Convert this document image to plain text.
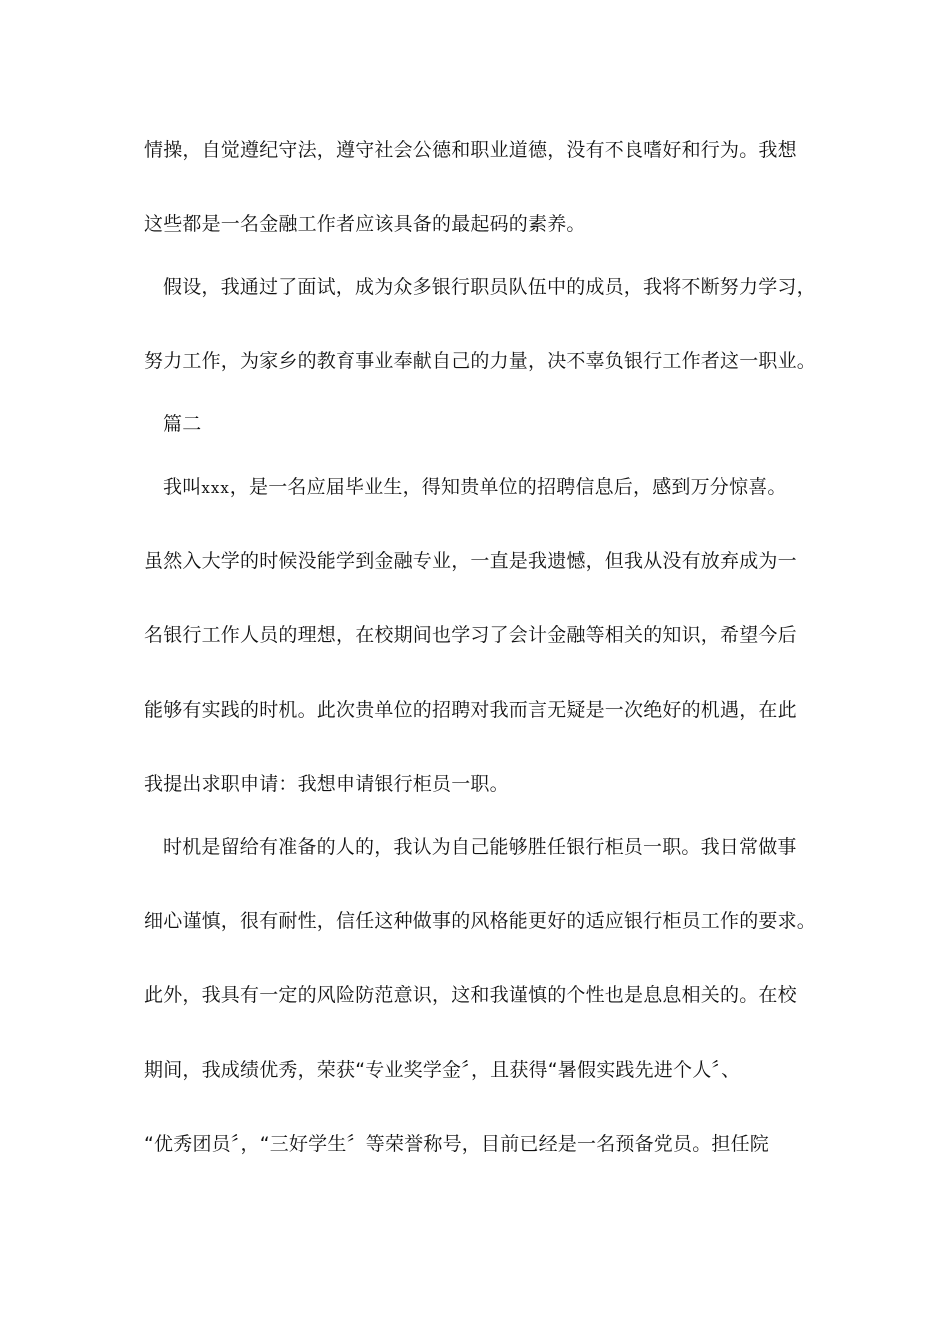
情操，自觉遵纪守法，遵守社会公德和职业道德，没有不良嗜好和行为。我想
这些都是一名金融工作者应该具备的最起码的素养。
假设，我通过了面试，成为众多银行职员队伍中的成员，我将不断努力学习，
努力工作，为家乡的教育事业奉献自己的力量，决不辜负银行工作者这一职业。
篇二
我叫xxx，是一名应届毕业生，得知贵单位的招聘信息后，感到万分惊喜。
虽然入大学的时候没能学到金融专业，一直是我遗憾，但我从没有放弃成为一
名银行工作人员的理想，在校期间也学习了会计金融等相关的知识，希望今后
能够有实践的时机。此次贵单位的招聘对我而言无疑是一次绝好的机遇，在此
我提出求职申请：我想申请银行柜员一职。
时机是留给有准备的人的，我认为自己能够胜任银行柜员一职。我日常做事
细心谨慎，很有耐性，信任这种做事的风格能更好的适应银行柜员工作的要求。
此外，我具有一定的风险防范意识，这和我谨慎的个性也是息息相关的。在校
期间，我成绩优秀，荣获“专业奖学金〞，且获得“暑假实践先进个人〞、
“优秀团员〞，“三好学生〞等荣誉称号，目前已经是一名预备党员。担任院
